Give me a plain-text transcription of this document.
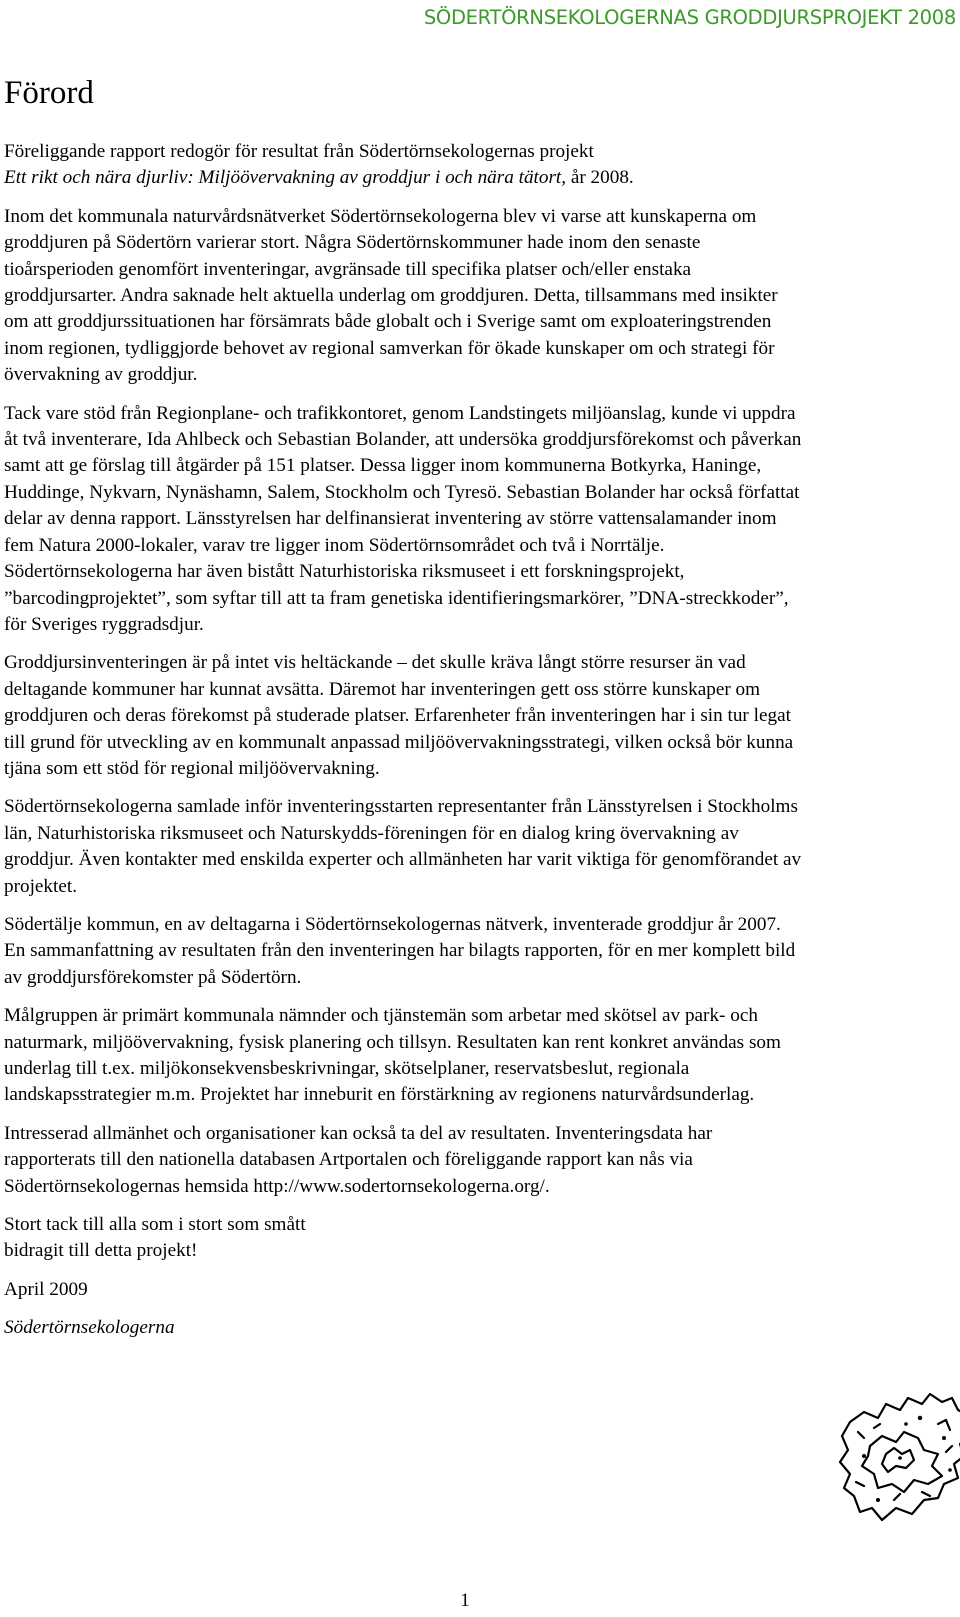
SÖDERTÖRNSEKOLOGERNAS GRODDJURSPROJEKT 2008
Förord

Föreliggande rapport redogör för resultat från Södertörnsekologernas projekt
Ett rikt och nära djurliv: Miljöövervakning av groddjur i och nära tätort, år 2008.

Inom det kommunala naturvårdsnätverket Södertörnsekologerna blev vi varse att kunskaperna om groddjuren på Södertörn varierar stort. Några Södertörnskommuner hade inom den senaste tioårsperioden genomfört inventeringar, avgränsade till specifika platser och/eller enstaka groddjursarter. Andra saknade helt aktuella underlag om groddjuren. Detta, tillsammans med insikter om att groddjurssituationen har försämrats både globalt och i Sverige samt om exploateringstrenden inom regionen, tydliggjorde behovet av regional samverkan för ökade kunskaper om och strategi för övervakning av groddjur.

Tack vare stöd från Regionplane- och trafikkontoret, genom Landstingets miljöanslag, kunde vi uppdra åt två inventerare, Ida Ahlbeck och Sebastian Bolander, att undersöka groddjursförekomst och påverkan samt att ge förslag till åtgärder på 151 platser. Dessa ligger inom kommunerna Botkyrka, Haninge, Huddinge, Nykvarn, Nynäshamn, Salem, Stockholm och Tyresö. Sebastian Bolander har också författat delar av denna rapport. Länsstyrelsen har delfinansierat inventering av större vattensalamander inom fem Natura 2000-lokaler, varav tre ligger inom Södertörnsområdet och två i Norrtälje. Södertörnsekologerna har även bistått Naturhistoriska riksmuseet i ett forskningsprojekt, ”barcodingprojektet”, som syftar till att ta fram genetiska identifieringsmarkörer, ”DNA-streckkoder”, för Sveriges ryggradsdjur.

Groddjursinventeringen är på intet vis heltäckande – det skulle kräva långt större resurser än vad deltagande kommuner har kunnat avsätta. Däremot har inventeringen gett oss större kunskaper om groddjuren och deras förekomst på studerade platser. Erfarenheter från inventeringen har i sin tur legat till grund för utveckling av en kommunalt anpassad miljöövervakningsstrategi, vilken också bör kunna tjäna som ett stöd för regional miljöövervakning.

Södertörnsekologerna samlade inför inventeringsstarten representanter från Länsstyrelsen i Stockholms län, Naturhistoriska riksmuseet och Naturskydds-föreningen för en dialog kring övervakning av groddjur. Även kontakter med enskilda experter och allmänheten har varit viktiga för genomförandet av projektet.

Södertälje kommun, en av deltagarna i Södertörnsekologernas nätverk, inventerade groddjur år 2007. En sammanfattning av resultaten från den inventeringen har bilagts rapporten, för en mer komplett bild av groddjursförekomster på Södertörn.

Målgruppen är primärt kommunala nämnder och tjänstemän som arbetar med skötsel av park- och naturmark, miljöövervakning, fysisk planering och tillsyn. Resultaten kan rent konkret användas som underlag till t.ex. miljökonsekvensbeskrivningar, skötselplaner, reservatsbeslut, regionala landskapsstrategier m.m. Projektet har inneburit en förstärkning av regionens naturvårdsunderlag.

Intresserad allmänhet och organisationer kan också ta del av resultaten. Inventeringsdata har rapporterats till den nationella databasen Artportalen och föreliggande rapport kan nås via Södertörnsekologernas hemsida http://www.sodertornsekologerna.org/.

Stort tack till alla som i stort som smått bidragit till detta projekt!

April 2009

Södertörnsekologerna

1
